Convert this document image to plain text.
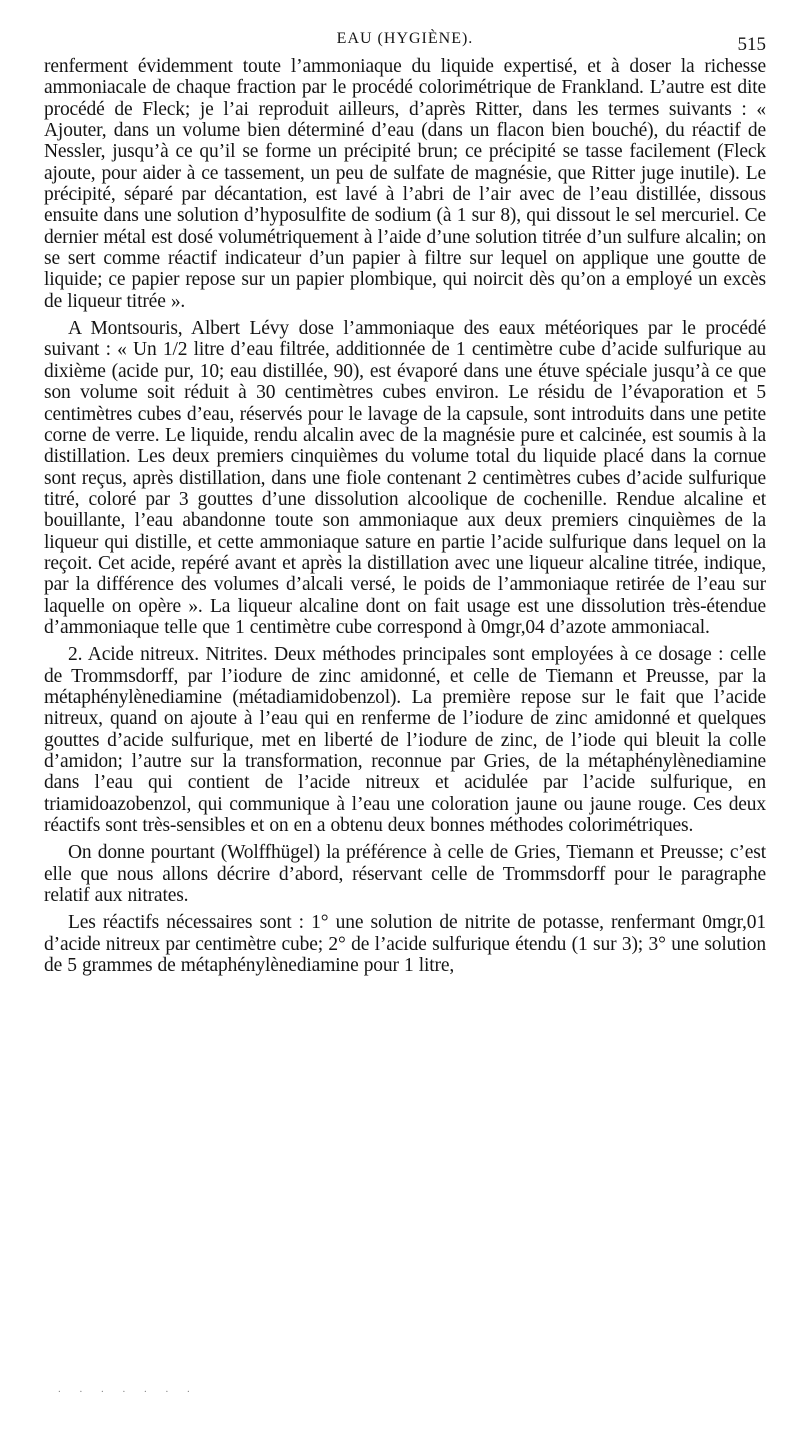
EAU (HYGIÈNE).	515

renferment évidemment toute l’ammoniaque du liquide expertisé, et à doser la richesse ammoniacale de chaque fraction par le procédé colorimétrique de Frankland. L’autre est dite procédé de Fleck; je l’ai reproduit ailleurs, d’après Ritter, dans les termes suivants : « Ajouter, dans un volume bien déterminé d’eau (dans un flacon bien bouché), du réactif de Nessler, jusqu’à ce qu’il se forme un précipité brun; ce précipité se tasse facilement (Fleck ajoute, pour aider à ce tassement, un peu de sulfate de magnésie, que Ritter juge inutile). Le précipité, séparé par décantation, est lavé à l’abri de l’air avec de l’eau distillée, dissous ensuite dans une solution d’hyposulfite de sodium (à 1 sur 8), qui dissout le sel mercuriel. Ce dernier métal est dosé volumétriquement à l’aide d’une solution titrée d’un sulfure alcalin; on se sert comme réactif indicateur d’un papier à filtre sur lequel on applique une goutte de liquide; ce papier repose sur un papier plombique, qui noircit dès qu’on a employé un excès de liqueur titrée ».

A Montsouris, Albert Lévy dose l’ammoniaque des eaux météoriques par le procédé suivant : « Un 1/2 litre d’eau filtrée, additionnée de 1 centimètre cube d’acide sulfurique au dixième (acide pur, 10; eau distillée, 90), est évaporé dans une étuve spéciale jusqu’à ce que son volume soit réduit à 30 centimètres cubes environ. Le résidu de l’évaporation et 5 centimètres cubes d’eau, réservés pour le lavage de la capsule, sont introduits dans une petite corne de verre. Le liquide, rendu alcalin avec de la magnésie pure et calcinée, est soumis à la distillation. Les deux premiers cinquièmes du volume total du liquide placé dans la cornue sont reçus, après distillation, dans une fiole contenant 2 centimètres cubes d’acide sulfurique titré, coloré par 3 gouttes d’une dissolution alcoolique de cochenille. Rendue alcaline et bouillante, l’eau abandonne toute son ammoniaque aux deux premiers cinquièmes de la liqueur qui distille, et cette ammoniaque sature en partie l’acide sulfurique dans lequel on la reçoit. Cet acide, repéré avant et après la distillation avec une liqueur alcaline titrée, indique, par la différence des volumes d’alcali versé, le poids de l’ammoniaque retirée de l’eau sur laquelle on opère ». La liqueur alcaline dont on fait usage est une dissolution très-étendue d’ammoniaque telle que 1 centimètre cube correspond à 0mgr,04 d’azote ammoniacal.

2. Acide nitreux. Nitrites. Deux méthodes principales sont employées à ce dosage : celle de Trommsdorff, par l’iodure de zinc amidonné, et celle de Tiemann et Preusse, par la métaphénylènediamine (métadiamidobenzol). La première repose sur le fait que l’acide nitreux, quand on ajoute à l’eau qui en renferme de l’iodure de zinc amidonné et quelques gouttes d’acide sulfurique, met en liberté de l’iodure de zinc, de l’iode qui bleuit la colle d’amidon; l’autre sur la transformation, reconnue par Gries, de la métaphénylènediamine dans l’eau qui contient de l’acide nitreux et acidulée par l’acide sulfurique, en triamidoazobenzol, qui communique à l’eau une coloration jaune ou jaune rouge. Ces deux réactifs sont très-sensibles et on en a obtenu deux bonnes méthodes colorimétriques.

On donne pourtant (Wolffhügel) la préférence à celle de Gries, Tiemann et Preusse; c’est elle que nous allons décrire d’abord, réservant celle de Trommsdorff pour le paragraphe relatif aux nitrates.

Les réactifs nécessaires sont : 1° une solution de nitrite de potasse, renfermant 0mgr,01 d’acide nitreux par centimètre cube; 2° de l’acide sulfurique étendu (1 sur 3); 3° une solution de 5 grammes de métaphénylènediamine pour 1 litre,

. . . . . . .
